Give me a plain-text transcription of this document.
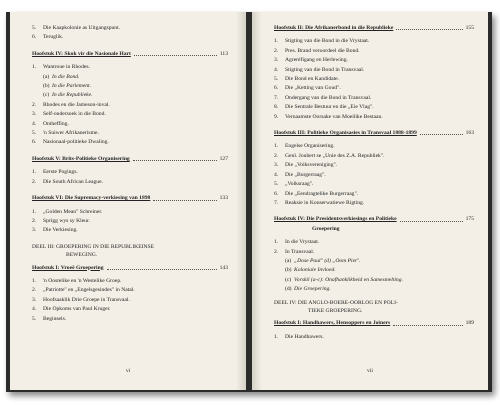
5. Die Kaapkolonie as Uitgangspunt.
6. Teruglik.
Hoofstuk IV: Skok vir die Nasionale Hart	113
1. Wantroue in Rhodes.
(a) In die Bond.
(b) In die Parlement.
(c) In die Republieke.
2. Rhodes en die Jameson-inval.
3. Self-ondersoek in die Bond.
4. Ontheffing.
5. 'n Suiwer Afrikanerisme.
6. Nasionaal-politieke Dwaling.
Hoofstuk V: Brits-Politieke Organisering	127
1. Eerste Pogings.
2. Die South African League.
Hoofstuk VI: Die Supremacy-verkiesing van 1898	133
1. „Golden Mean" Schreiner.
2. Sprigg wys sy Kleur.
3. Die Verkiesing.
DEEL III: GROEPERING IN DIE REPUBLIKEINSE
BEWEGING.
Hoofstuk I: Vroeë Groepering	143
1. 'n Oostelike en 'n Westelike Groep.
2. „Patriotte" en „Engelsgesindes" in Natal.
3. Hoofsaaklik Drie Groepe in Transvaal.
4. Die Opkoms van Paul Kruger.
5. Beginsels.
vi
Hoofstuk II: Die Afrikanerbond in die Republieke	155
1. Stigting van die Bond in die Vrystaat.
2. Pres. Brand veroordeel die Bond.
3. Agreréfigang en Herlewing.
4. Stigting van die Bond in Transvaal.
5. Die Bond en Kandidate.
6. Die „Ketting van Goud".
7. Ondergang van die Bond in Transvaal.
8. Die Sentrale Bestuur en die „Eie Vlag".
9. Vernaamste Oorsake van Moeilike Bestaan.
Hoofstuk III: Politieke Organisasies in Transvaal 1888-1899	163
1. Engelse Organisering.
2. Genl. Joubert se „Unie des Z.A. Republiek".
3. Die „Volksvereniging".
4. Die „Burgerraag".
5. „Volksraag".
6. Die „Eendragtelike Burgerraag".
7. Reaksie in Konserwatiewe Rigting.
Hoofstuk IV: Die Presidentsverkiesings en Politieke	175
Groepering
1. In die Vrystaat.
2. In Transvaal.
(a) „Dose Paul" (d) „Oom Piet".
(b) Koloniale Invloed.
(c) Vorskil (a-c): Onafhanklikheid en Samesmelting.
(d) Die Groepering.
DEEL IV: DIE ANGLO-BOERE-OORLOG EN POLI-
TIEKE GROEPERING.
Hoofstuk I: Handhawers, Hensoppers en Joiners	189
1. Die Handhawers.
vii
